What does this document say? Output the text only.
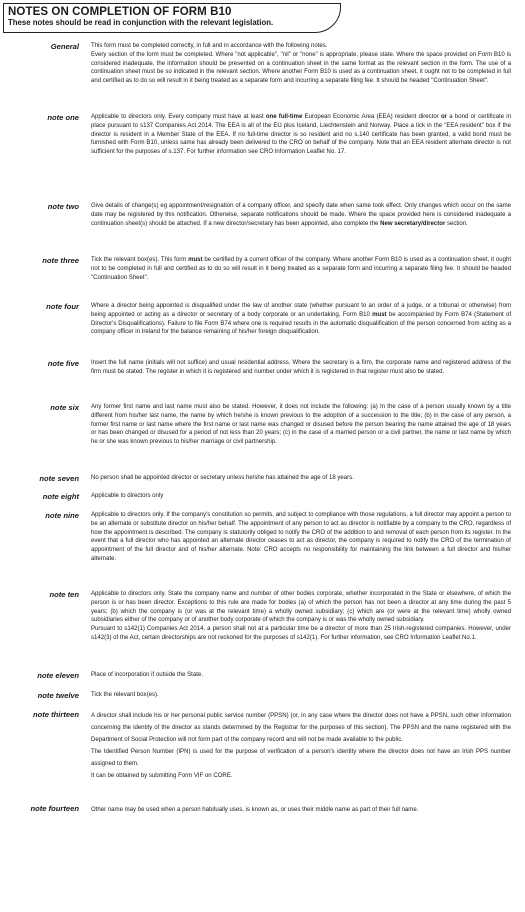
NOTES ON COMPLETION OF FORM B10
These notes should be read in conjunction with the relevant legislation.
General	This form must be completed correctly, in full and in accordance with the following notes.

Every section of the form must be completed. Where "not applicable", "nil" or "none" is appropriate, please state. Where the space provided on Form B10 is considered inadequate, the information should be presented on a continuation sheet in the same format as the relevant section in the form. The use of a continuation sheet must be so indicated in the relevant section. Where another Form B10 is used as a continuation sheet, it ought not to be completed in full and certified as to do so will result in it being treated as a separate form and incurring a separate filing fee. It should be headed "Continuation Sheet".

note one	Applicable to directors only. Every company must have at least one full-time European Economic Area (EEA) resident director or a bond or certificate in place pursuant to s137 Companies Act 2014. The EEA is all of the EU plus Iceland, Liechtenstein and Norway. Place a tick in the "EEA resident" box if the director is resident in a Member State of the EEA. If no full-time director is so resident and no s.140 certificate has been granted, a valid bond must be furnished with Form B10, unless same has already been delivered to the CRO on behalf of the company. Note that an EEA resident alternate director is not sufficient for the purposes of s.137. For further information see CRO Information Leaflet No. 17.
note two	Give details of change(s) eg appointment/resignation of a company officer, and specify date when same took effect. Only changes which occur on the same date may be registered by this notification. Otherwise, separate notifications should be made. Where the space provided here is considered inadequate a continuation sheet(s) should be attached. If a new director/secretary has been appointed, also complete the New secretary/director section.
note three	Tick the relevant box(es). This form must be certified by a current officer of the company. Where another Form B10 is used as a continuation sheet, it ought not to be completed in full and certified as to do so will result in it being treated as a separate form and incurring a separate filing fee. It should be headed "Continuation Sheet".
note four	Where a director being appointed is disqualified under the law of another state (whether pursuant to an order of a judge, or a tribunal or otherwise) from being appointed or acting as a director or secretary of a body corporate or an undertaking, Form B10 must be accompanied by Form B74 (Statement of Director's Disqualifications). Failure to file Form B74 where one is required results in the automatic disqualification of the person concerned from acting as a company officer in Ireland for the balance remaining of his/her foreign disqualification.
note five	Insert the full name (initials will not suffice) and usual residential address. Where the secretary is a firm, the corporate name and registered address of the firm must be stated. The register in which it is registered and number under which it is registered in that register must also be stated.
note six	Any former first name and last name must also be stated. However, it does not include the following: (a) In the case of a person usually known by a title different from his/her last name, the name by which he/she is known previous to the adoption of a succession to the title; (b) in the case of any person, a former first name or last name where the first name or last name was changed or disused before the person bearing the name attained the age of 18 years or has been changed or disused for a period of not less than 20 years; (c) in the case of a married person or a civil partner, the name or last name by which he or she was known previous to his/her marriage or civil partnership.
note seven	No person shall be appointed director or secretary unless he/she has attained the age of 18 years.
note eight	Applicable to directors only
note nine	Applicable to directors only. If the company's constitution so permits, and subject to compliance with those regulations, a full director may appoint a person to be an alternate or substitute director on his/her behalf. The appointment of any person to act as director is notifiable by a company to the CRO, regardless of how the appointment is described. The company is statutorily obliged to notify the CRO of the addition to and removal of each person from its register. In the event that a full director who has appointed an alternate director ceases to act as director, the company is required to notify the CRO of the termination of appointment of the full director and of his/her alternate. Note: CRO accepts no responsibility for maintaining the link between a full director and his/her alternate.
note ten	Applicable to directors only. State the company name and number of other bodies corporate, whether incorporated in the State or elsewhere, of which the person is or has been director. Exceptions to this rule are made for bodies (a) of which the person has not been a director at any time during the past 5 years; (b) which the company is (or was at the relevant time) a wholly owned subsidiary; (c) which are (or were at the relevant time) wholly owned subsidiaries either of the company or of another body corporate of which the company is or was the wholly owned subsidiary.

Pursuant to s142(1) Companies Act 2014, a person shall not at a particular time be a director of more than 25 Irish-registered companies. However, under s142(3) of the Act, certain directorships are not reckoned for the purposes of s142(1). For further information, see CRO Information Leaflet No.1.

note eleven	Place of incorporation if outside the State.
note twelve	Tick the relevant box(es).
note thirteen	A director shall include his or her personal public service number (PPSN) (or, in any case where the director does not have a PPSN, such other information concerning the identity of the director as stands determined by the Registrar for the purposes of this section). The PPSN and the name registered with the Department of Social Protection will not form part of the company record and will not be made available to the public.

The Identified Person Number (IPN) is used for the purpose of verification of a person's identity where the director does not have an Irish PPS number assigned to them.

It can be obtained by submitting Form VIF on CORE.

note fourteen	Other name may be used when a person habitually uses, is known as, or uses their middle name as part of their full name.
